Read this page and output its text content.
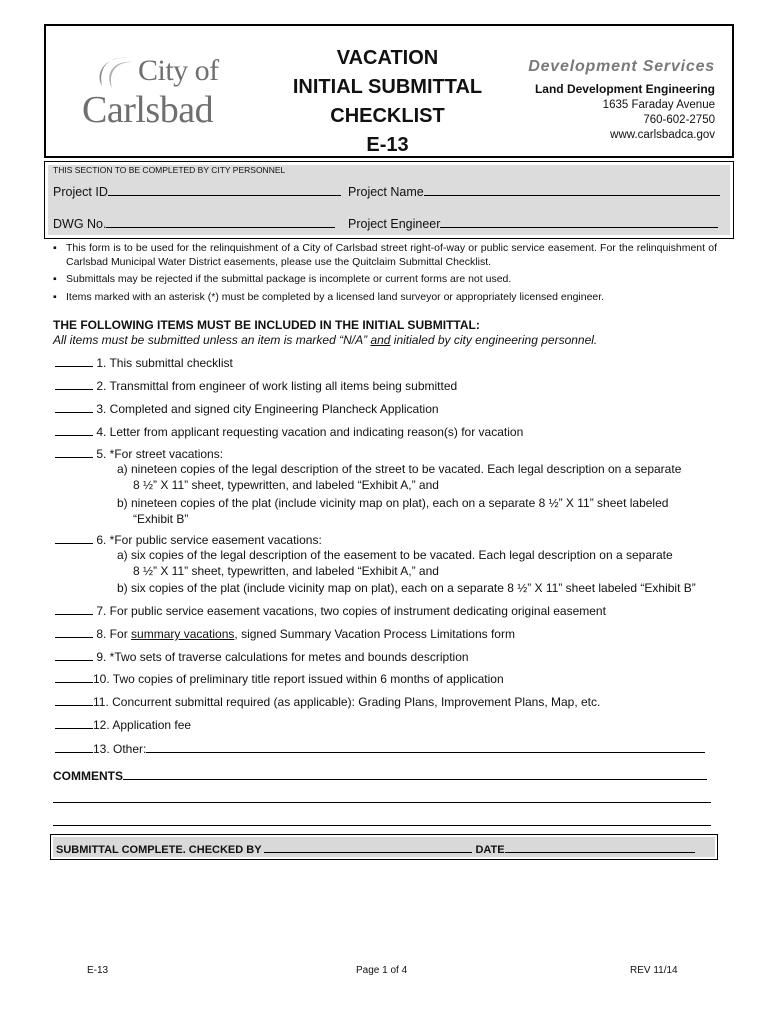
City of
Carlsbad
VACATION
INITIAL SUBMITTAL
CHECKLIST
E-13
Development Services
Land Development Engineering
1635 Faraday Avenue
760-602-2750
www.carlsbadca.gov
THIS SECTION TO BE COMPLETED BY CITY PERSONNEL
Project ID	Project Name
DWG No.	Project Engineer
▪ This form is to be used for the relinquishment of a City of Carlsbad street right-of-way or public service easement. For the relinquishment of Carlsbad Municipal Water District easements, please use the Quitclaim Submittal Checklist.
▪ Submittals may be rejected if the submittal package is incomplete or current forms are not used.
▪ Items marked with an asterisk (*) must be completed by a licensed land surveyor or appropriately licensed engineer.
THE FOLLOWING ITEMS MUST BE INCLUDED IN THE INITIAL SUBMITTAL:
All items must be submitted unless an item is marked “N/A” and initialed by city engineering personnel.
1. This submittal checklist
2. Transmittal from engineer of work listing all items being submitted
3. Completed and signed city Engineering Plancheck Application
4. Letter from applicant requesting vacation and indicating reason(s) for vacation
5. *For street vacations:
a) nineteen copies of the legal description of the street to be vacated. Each legal description on a separate
8 ½” X 11” sheet, typewritten, and labeled “Exhibit A,” and
b) nineteen copies of the plat (include vicinity map on plat), each on a separate 8 ½” X 11” sheet labeled
“Exhibit B”
6. *For public service easement vacations:
a) six copies of the legal description of the easement to be vacated. Each legal description on a separate
8 ½” X 11” sheet, typewritten, and labeled “Exhibit A,” and
b) six copies of the plat (include vicinity map on plat), each on a separate 8 ½” X 11” sheet labeled “Exhibit B”
7. For public service easement vacations, two copies of instrument dedicating original easement
8. For summary vacations, signed Summary Vacation Process Limitations form
9. *Two sets of traverse calculations for metes and bounds description
10. Two copies of preliminary title report issued within 6 months of application
11. Concurrent submittal required (as applicable): Grading Plans, Improvement Plans, Map, etc.
12. Application fee
13. Other:
COMMENTS
SUBMITTAL COMPLETE. CHECKED BY	DATE
E-13	Page 1 of 4	REV 11/14
